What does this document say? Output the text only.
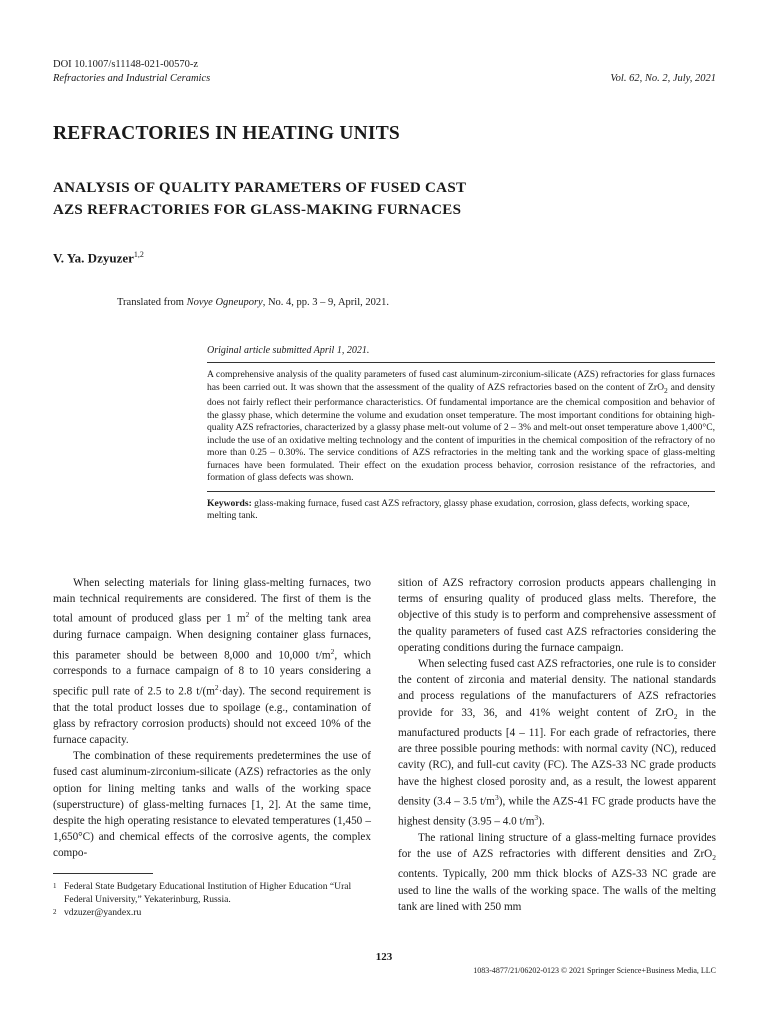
DOI 10.1007/s11148-021-00570-z
Refractories and Industrial Ceramics	Vol. 62, No. 2, July, 2021
REFRACTORIES IN HEATING UNITS
ANALYSIS OF QUALITY PARAMETERS OF FUSED CAST
AZS REFRACTORIES FOR GLASS-MAKING FURNACES
V. Ya. Dzyuzer$^{1,2}$
Translated from Novye Ogneupory, No. 4, pp. 3 – 9, April, 2021.
Original article submitted April 1, 2021.
A comprehensive analysis of the quality parameters of fused cast aluminum-zirconium-silicate (AZS) refractories for glass furnaces has been carried out. It was shown that the assessment of the quality of AZS refractories based on the content of ZrO$_2$ and density does not fairly reflect their performance characteristics. Of fundamental importance are the chemical composition and behavior of the glassy phase, which determine the volume and exudation onset temperature. The most important conditions for obtaining high-quality AZS refractories, characterized by a glassy phase melt-out volume of 2 – 3% and melt-out onset temperature above 1,400°C, include the use of an oxidative melting technology and the content of impurities in the chemical composition of the refractory of no more than 0.25 – 0.30%. The service conditions of AZS refractories in the melting tank and the working space of glass-melting furnaces have been formulated. Their effect on the exudation process behavior, corrosion resistance of the refractories, and formation of glass defects was shown.
Keywords: glass-making furnace, fused cast AZS refractory, glassy phase exudation, corrosion, glass defects, working space, melting tank.

When selecting materials for lining glass-melting furnaces, two main technical requirements are considered. The first of them is the total amount of produced glass per 1 $m^2$ of the melting tank area during furnace campaign. When designing container glass furnaces, this parameter should be between 8,000 and 10,000 $t/m^2$, which corresponds to a furnace campaign of 8 to 10 years considering a specific pull rate of 2.5 to 2.8 $t/(m^2\cdot day)$. The second requirement is that the total product losses due to spoilage (e.g., contamination of glass by refractory corrosion products) should not exceed 10% of the furnace capacity.

The combination of these requirements predetermines the use of fused cast aluminum-zirconium-silicate (AZS) refractories as the only option for lining melting tanks and walls of the working space (superstructure) of glass-melting furnaces [1, 2]. At the same time, despite the high operating resistance to elevated temperatures (1,450 – 1,650°C) and chemical effects of the corrosive agents, the complex compo-

sition of AZS refractory corrosion products appears challenging in terms of ensuring quality of produced glass melts. Therefore, the objective of this study is to perform and comprehensive assessment of the quality parameters of fused cast AZS refractories considering the operating conditions during the furnace campaign.

When selecting fused cast AZS refractories, one rule is to consider the content of zirconia and material density. The national standards and process regulations of the manufacturers of AZS refractories provide for 33, 36, and 41% weight content of ZrO$_2$ in the manufactured products [4 – 11]. For each grade of refractories, there are three possible pouring methods: with normal cavity (NC), reduced cavity (RC), and full-cut cavity (FC). The AZS-33 NC grade products have the highest closed porosity and, as a result, the lowest apparent density (3.4 – 3.5 $t/m^3$), while the AZS-41 FC grade products have the highest density (3.95 – 4.0 $t/m^3$).

The rational lining structure of a glass-melting furnace provides for the use of AZS refractories with different densities and ZrO$_2$ contents. Typically, 200 mm thick blocks of AZS-33 NC grade are used to line the walls of the working space. The walls of the melting tank are lined with 250 mm

1 Federal State Budgetary Educational Institution of Higher Education “Ural Federal University,” Yekaterinburg, Russia.
2 vdzuzer@yandex.ru
123
1083-4877/21/06202-0123 © 2021 Springer Science+Business Media, LLC
